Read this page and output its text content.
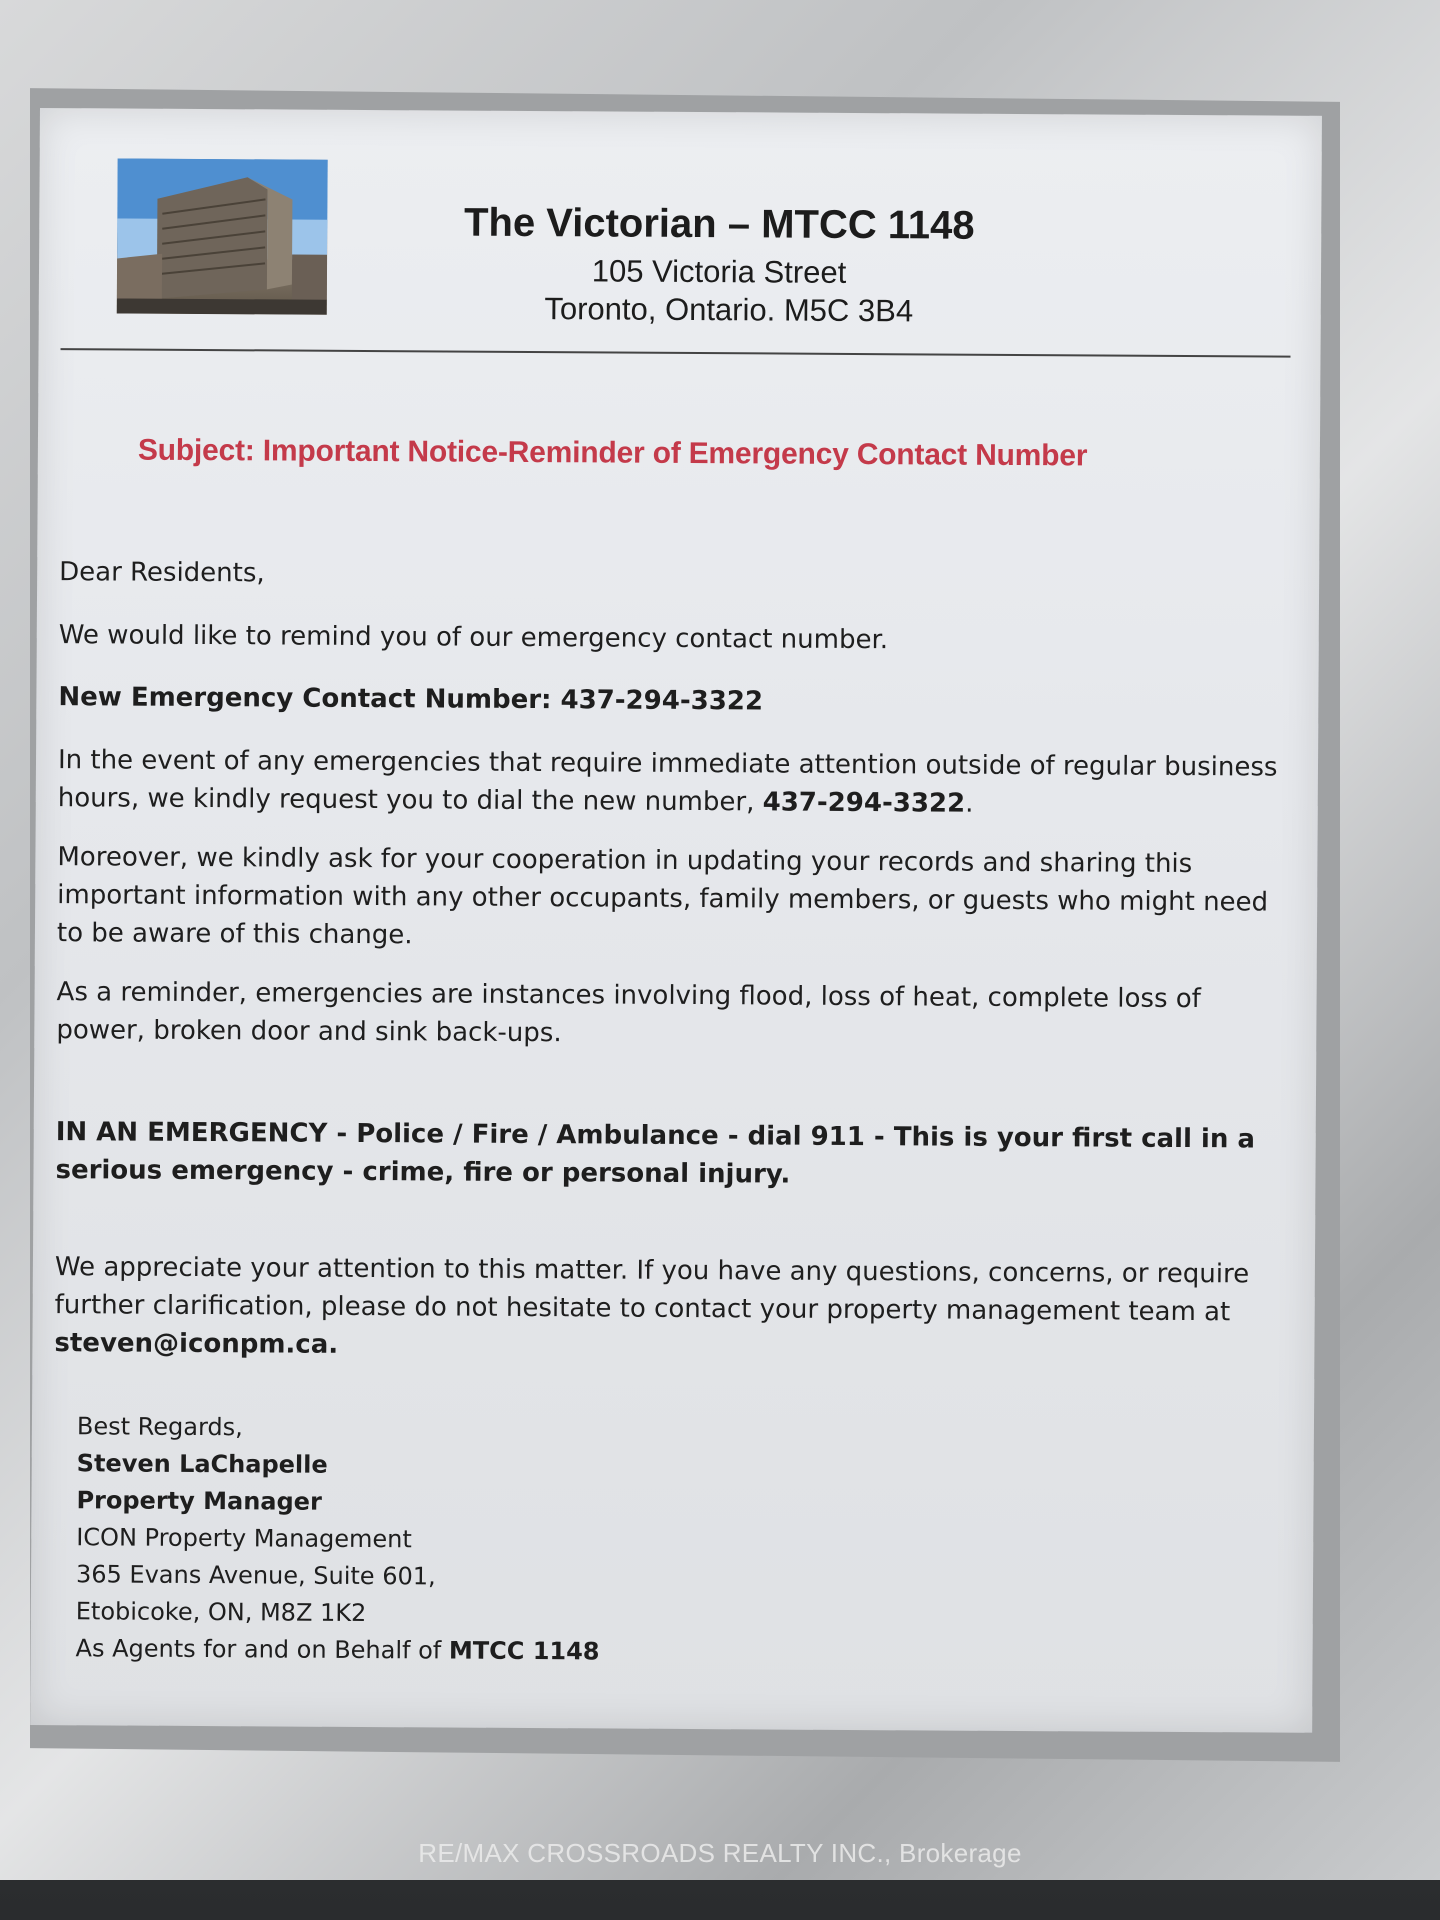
The Victorian – MTCC 1148
105 Victoria Street
Toronto, Ontario. M5C 3B4
Subject: Important Notice-Reminder of Emergency Contact Number
Dear Residents,
We would like to remind you of our emergency contact number.
New Emergency Contact Number: 437-294-3322
In the event of any emergencies that require immediate attention outside of regular business hours, we kindly request you to dial the new number, 437-294-3322.
Moreover, we kindly ask for your cooperation in updating your records and sharing this important information with any other occupants, family members, or guests who might need to be aware of this change.
As a reminder, emergencies are instances involving flood, loss of heat, complete loss of power, broken door and sink back-ups.
IN AN EMERGENCY - Police / Fire / Ambulance - dial 911 - This is your first call in a serious emergency - crime, fire or personal injury.
We appreciate your attention to this matter. If you have any questions, concerns, or require further clarification, please do not hesitate to contact your property management team at steven@iconpm.ca.
Best Regards,
Steven LaChapelle
Property Manager
ICON Property Management
365 Evans Avenue, Suite 601,
Etobicoke, ON, M8Z 1K2
As Agents for and on Behalf of MTCC 1148
RE/MAX CROSSROADS REALTY INC., Brokerage
